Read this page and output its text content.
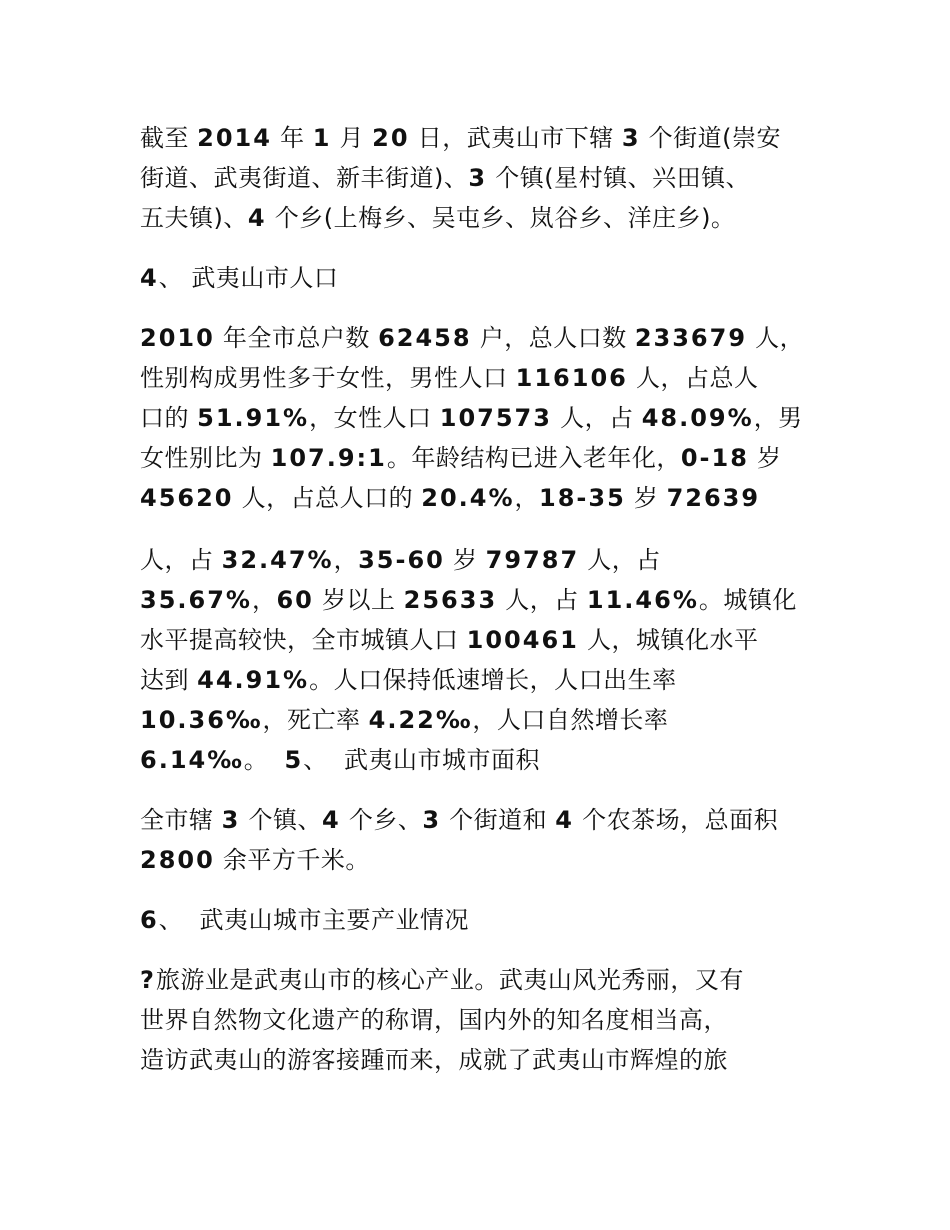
截至 2014 年 1 月 20 日，武夷山市下辖 3 个街道(崇安
街道、武夷街道、新丰街道)、3 个镇(星村镇、兴田镇、
五夫镇)、4 个乡(上梅乡、吴屯乡、岚谷乡、洋庄乡)。
4、 武夷山市人口
2010 年全市总户数 62458 户，总人口数 233679 人，
性别构成男性多于女性，男性人口 116106 人，占总人
口的 51.91%，女性人口 107573 人，占 48.09%，男
女性别比为 107.9:1。年龄结构已进入老年化，0-18 岁
45620 人，占总人口的 20.4%，18-35 岁 72639
人，占 32.47%，35-60 岁 79787 人，占
35.67%，60 岁以上 25633 人，占 11.46%。城镇化
水平提高较快，全市城镇人口 100461 人，城镇化水平
达到 44.91%。人口保持低速增长，人口出生率
10.36‰，死亡率 4.22‰，人口自然增长率
6.14‰。  5、  武夷山市城市面积
全市辖 3 个镇、4 个乡、3 个街道和 4 个农茶场，总面积
2800 余平方千米。
6、  武夷山城市主要产业情况
?旅游业是武夷山市的核心产业。武夷山风光秀丽，又有
世界自然物文化遗产的称谓，国内外的知名度相当高，
造访武夷山的游客接踵而来，成就了武夷山市辉煌的旅
